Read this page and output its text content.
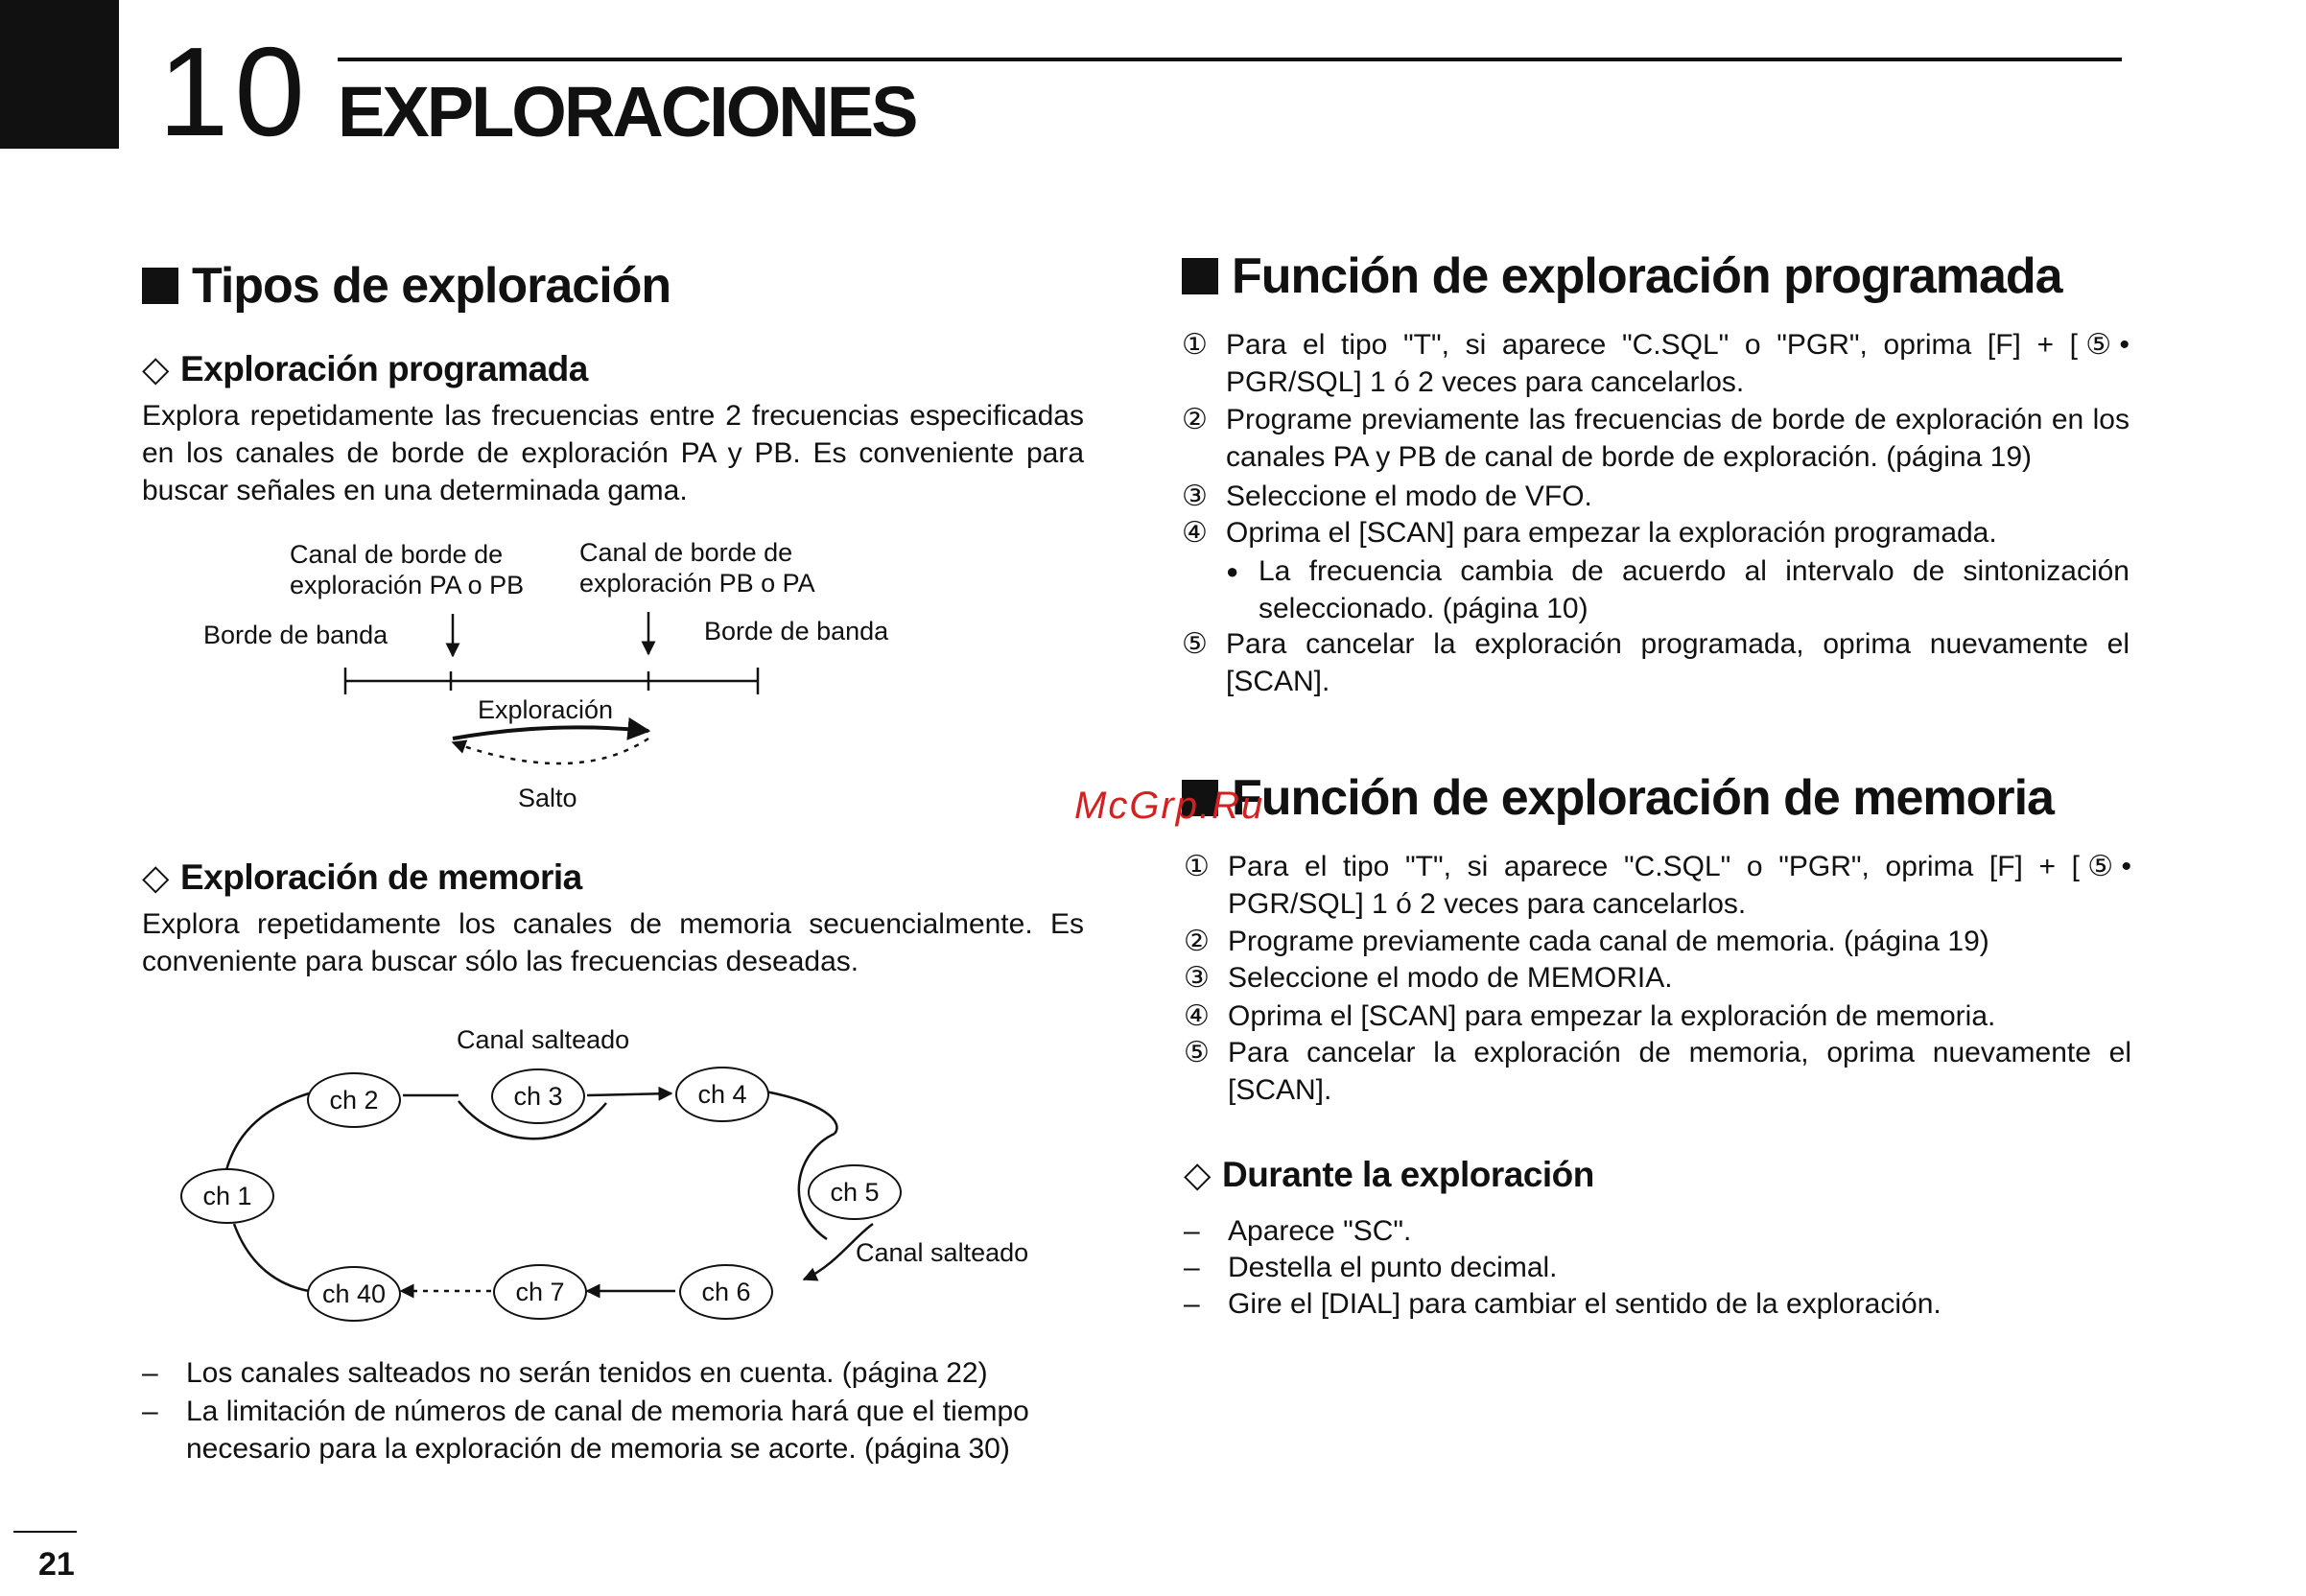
10 EXPLORACIONES
Tipos de exploración
◇ Exploración programada
Explora repetidamente las frecuencias entre 2 frecuencias especificadas en los canales de borde de exploración PA y PB. Es conveniente para buscar señales en una determinada gama.
Canal de borde de
exploración PA o PB
Canal de borde de
exploración PB o PA
Borde de banda	Borde de banda
Exploración
Salto
◇ Exploración de memoria
Explora repetidamente los canales de memoria secuencialmente. Es conveniente para buscar sólo las frecuencias deseadas.
Canal salteado
Canal salteado
ch 1
ch 2	ch 3	ch 4
ch 5
ch 6
ch 7
ch 40
– Los canales salteados no serán tenidos en cuenta. (página 22)
– La limitación de números de canal de memoria hará que el tiempo necesario para la exploración de memoria se acorte. (página 30)
Función de exploración programada
① Para el tipo "T", si aparece "C.SQL" o "PGR", oprima [F] + [⑤• PGR/SQL] 1 ó 2 veces para cancelarlos.
② Programe previamente las frecuencias de borde de exploración en los canales PA y PB de canal de borde de exploración. (página 19)
③ Seleccione el modo de VFO.
④ Oprima el [SCAN] para empezar la exploración programada.
● La frecuencia cambia de acuerdo al intervalo de sintonización seleccionado. (página 10)
⑤ Para cancelar la exploración programada, oprima nuevamente el [SCAN].
Función de exploración de memoria
① Para el tipo "T", si aparece "C.SQL" o "PGR", oprima [F] + [⑤• PGR/SQL] 1 ó 2 veces para cancelarlos.
② Programe previamente cada canal de memoria. (página 19)
③ Seleccione el modo de MEMORIA.
④ Oprima el [SCAN] para empezar la exploración de memoria.
⑤ Para cancelar la exploración de memoria, oprima nuevamente el [SCAN].
◇ Durante la exploración
– Aparece "SC".
– Destella el punto decimal.
– Gire el [DIAL] para cambiar el sentido de la exploración.
McGrp.Ru
21
